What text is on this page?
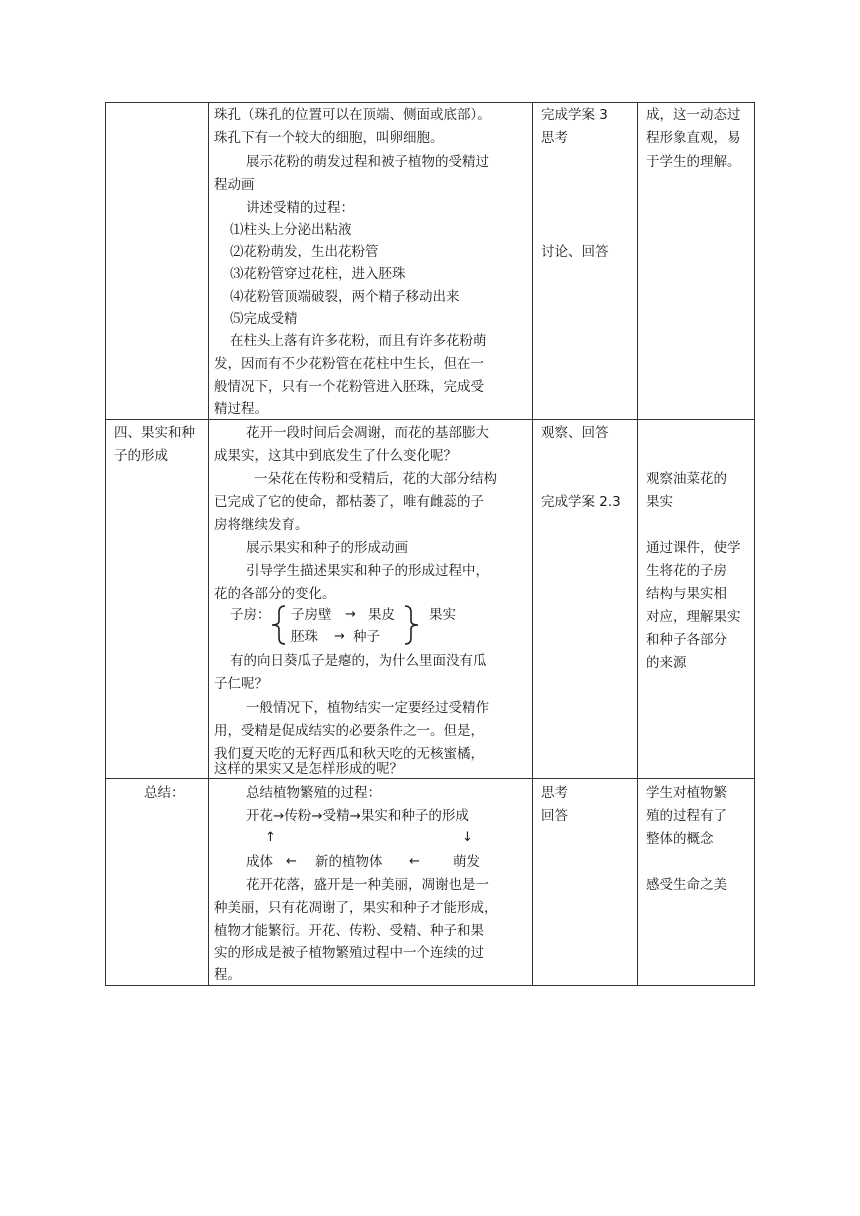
珠孔（珠孔的位置可以在顶端、侧面或底部）。
珠孔下有一个较大的细胞，叫卵细胞。
展示花粉的萌发过程和被子植物的受精过
程动画
讲述受精的过程：
⑴柱头上分泌出粘液
⑵花粉萌发，生出花粉管
⑶花粉管穿过花柱，进入胚珠
⑷花粉管顶端破裂，两个精子移动出来
⑸完成受精
在柱头上落有许多花粉，而且有许多花粉萌
发，因而有不少花粉管在花柱中生长，但在一
般情况下，只有一个花粉管进入胚珠，完成受
精过程。
完成学案 3
思考
讨论、回答
成，这一动态过
程形象直观，易
于学生的理解。
四、果实和种
子的形成
花开一段时间后会凋谢，而花的基部膨大
成果实，这其中到底发生了什么变化呢？
一朵花在传粉和受精后，花的大部分结构
已完成了它的使命，都枯萎了，唯有雌蕊的子
房将继续发育。
展示果实和种子的形成动画
引导学生描述果实和种子的形成过程中，
花的各部分的变化。
子房： 子房壁 → 果皮
胚珠 → 种子
果实
有的向日葵瓜子是瘪的，为什么里面没有瓜
子仁呢？
一般情况下，植物结实一定要经过受精作
用，受精是促成结实的必要条件之一。但是，
我们夏天吃的无籽西瓜和秋天吃的无核蜜橘，
这样的果实又是怎样形成的呢？
观察、回答
完成学案 2.3
观察油菜花的
果实
通过课件，使学
生将花的子房
结构与果实相
对应，理解果实
和种子各部分
的来源
总结：	总结植物繁殖的过程：
开花→传粉→受精→果实和种子的形成
↑	↓
成体 ← 新的植物体 ← 萌发
花开花落，盛开是一种美丽，凋谢也是一
种美丽，只有花凋谢了，果实和种子才能形成，
植物才能繁衍。开花、传粉、受精、种子和果
实的形成是被子植物繁殖过程中一个连续的过
程。
思考
回答
学生对植物繁
殖的过程有了
整体的概念
感受生命之美
